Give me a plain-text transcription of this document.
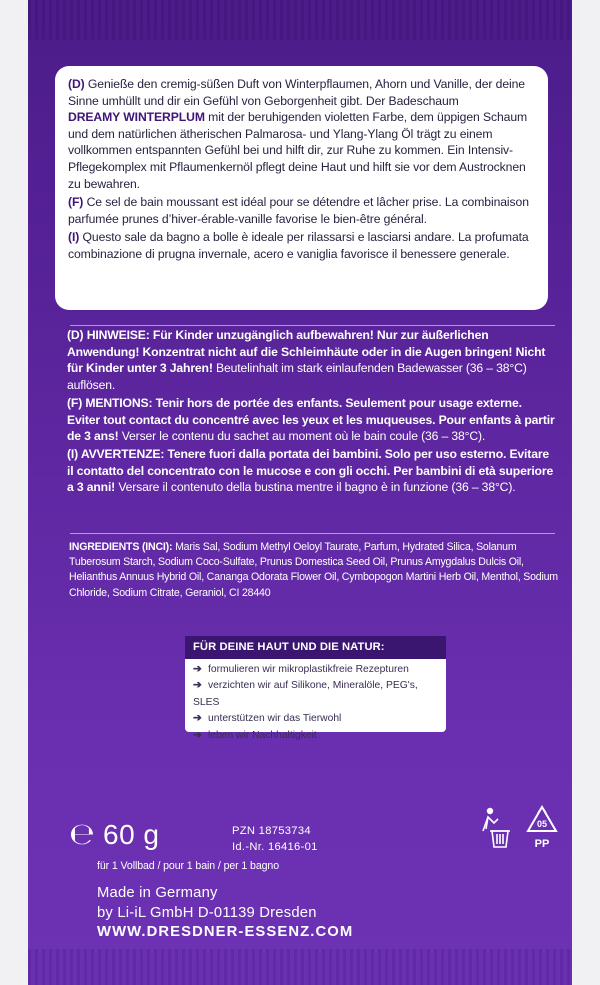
(D) Genieße den cremig-süßen Duft von Winterpflaumen, Ahorn und Vanille, der deine Sinne umhüllt und dir ein Gefühl von Geborgenheit gibt. Der Badeschaum
DREAMY WINTERPLUM mit der beruhigenden violetten Farbe, dem üppigen Schaum und dem natürlichen ätherischen Palmarosa- und Ylang-Ylang Öl trägt zu einem vollkommen entspannten Gefühl bei und hilft dir, zur Ruhe zu kommen. Ein Intensiv-Pflegekomplex mit Pflaumenkernöl pflegt deine Haut und hilft sie vor dem Austrocknen zu bewahren.

(F) Ce sel de bain moussant est idéal pour se détendre et lâcher prise. La combinaison parfumée prunes d’hiver-érable-vanille favorise le bien-être général.

(I) Questo sale da bagno a bolle è ideale per rilassarsi e lasciarsi andare. La profumata combinazione di prugna invernale, acero e vaniglia favorisce il benessere generale.

(D) HINWEISE: Für Kinder unzugänglich aufbewahren! Nur zur äußerlichen Anwendung! Konzentrat nicht auf die Schleimhäute oder in die Augen bringen! Nicht für Kinder unter 3 Jahren! Beutelinhalt im stark einlaufenden Badewasser (36 – 38°C) auflösen.

(F) MENTIONS: Tenir hors de portée des enfants. Seulement pour usage externe. Eviter tout contact du concentré avec les yeux et les muqueuses. Pour enfants à partir de 3 ans! Verser le contenu du sachet au moment où le bain coule (36 – 38°C).

(I) AVVERTENZE: Tenere fuori dalla portata dei bambini. Solo per uso esterno. Evitare il contatto del concentrato con le mucose e con gli occhi. Per bambini di età superiore a 3 anni! Versare il contenuto della bustina mentre il bagno è in funzione (36 – 38°C).

INGREDIENTS (INCI): Maris Sal, Sodium Methyl Oeloyl Taurate, Parfum, Hydrated Silica, Solanum Tuberosum Starch, Sodium Coco-Sulfate, Prunus Domestica Seed Oil, Prunus Amygdalus Dulcis Oil, Helianthus Annuus Hybrid Oil, Cananga Odorata Flower Oil, Cymbopogon Martini Herb Oil, Menthol, Sodium Chloride, Sodium Citrate, Geraniol, CI 28440
FÜR DEINE HAUT UND DIE NATUR:
➔ formulieren wir mikroplastikfreie Rezepturen
➔ verzichten wir auf Silikone, Mineralöle, PEG's, SLES
➔ unterstützen wir das Tierwohl
➔ leben wir Nachhaltigkeit
℮ 60 g	PZN 18753734
Id.-Nr. 16416-01
für 1 Vollbad / pour 1 bain / per 1 bagno
Made in Germany
by Li-iL GmbH D-01139 Dresden
WWW.DRESDNER-ESSENZ.COM
05
PP
